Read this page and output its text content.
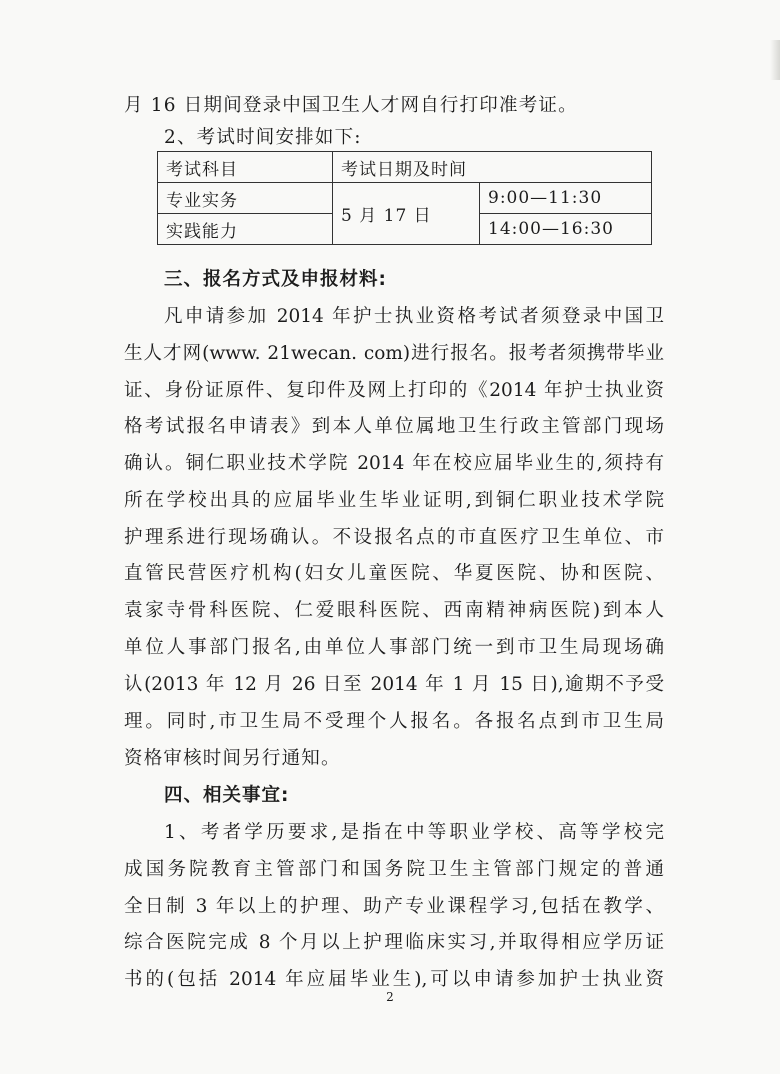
月 16 日期间登录中国卫生人才网自行打印准考证。
2、考试时间安排如下:
考试科目	考试日期及时间	
专业实务	5 月 17 日	9:00—11:30
实践能力		14:00—16:30
三、报名方式及申报材料:
凡申请参加 2014 年护士执业资格考试者须登录中国卫
生人才网(www. 21wecan. com)进行报名。报考者须携带毕业
证、身份证原件、复印件及网上打印的《2014 年护士执业资
格考试报名申请表》到本人单位属地卫生行政主管部门现场
确认。铜仁职业技术学院 2014 年在校应届毕业生的,须持有
所在学校出具的应届毕业生毕业证明,到铜仁职业技术学院
护理系进行现场确认。不设报名点的市直医疗卫生单位、市
直管民营医疗机构(妇女儿童医院、华夏医院、协和医院、
袁家寺骨科医院、仁爱眼科医院、西南精神病医院)到本人
单位人事部门报名,由单位人事部门统一到市卫生局现场确
认(2013 年 12 月 26 日至 2014 年 1 月 15 日),逾期不予受
理。同时,市卫生局不受理个人报名。各报名点到市卫生局
资格审核时间另行通知。
四、相关事宜:
1、考者学历要求,是指在中等职业学校、高等学校完
成国务院教育主管部门和国务院卫生主管部门规定的普通
全日制 3 年以上的护理、助产专业课程学习,包括在教学、
综合医院完成 8 个月以上护理临床实习,并取得相应学历证
书的(包括 2014 年应届毕业生),可以申请参加护士执业资
2
